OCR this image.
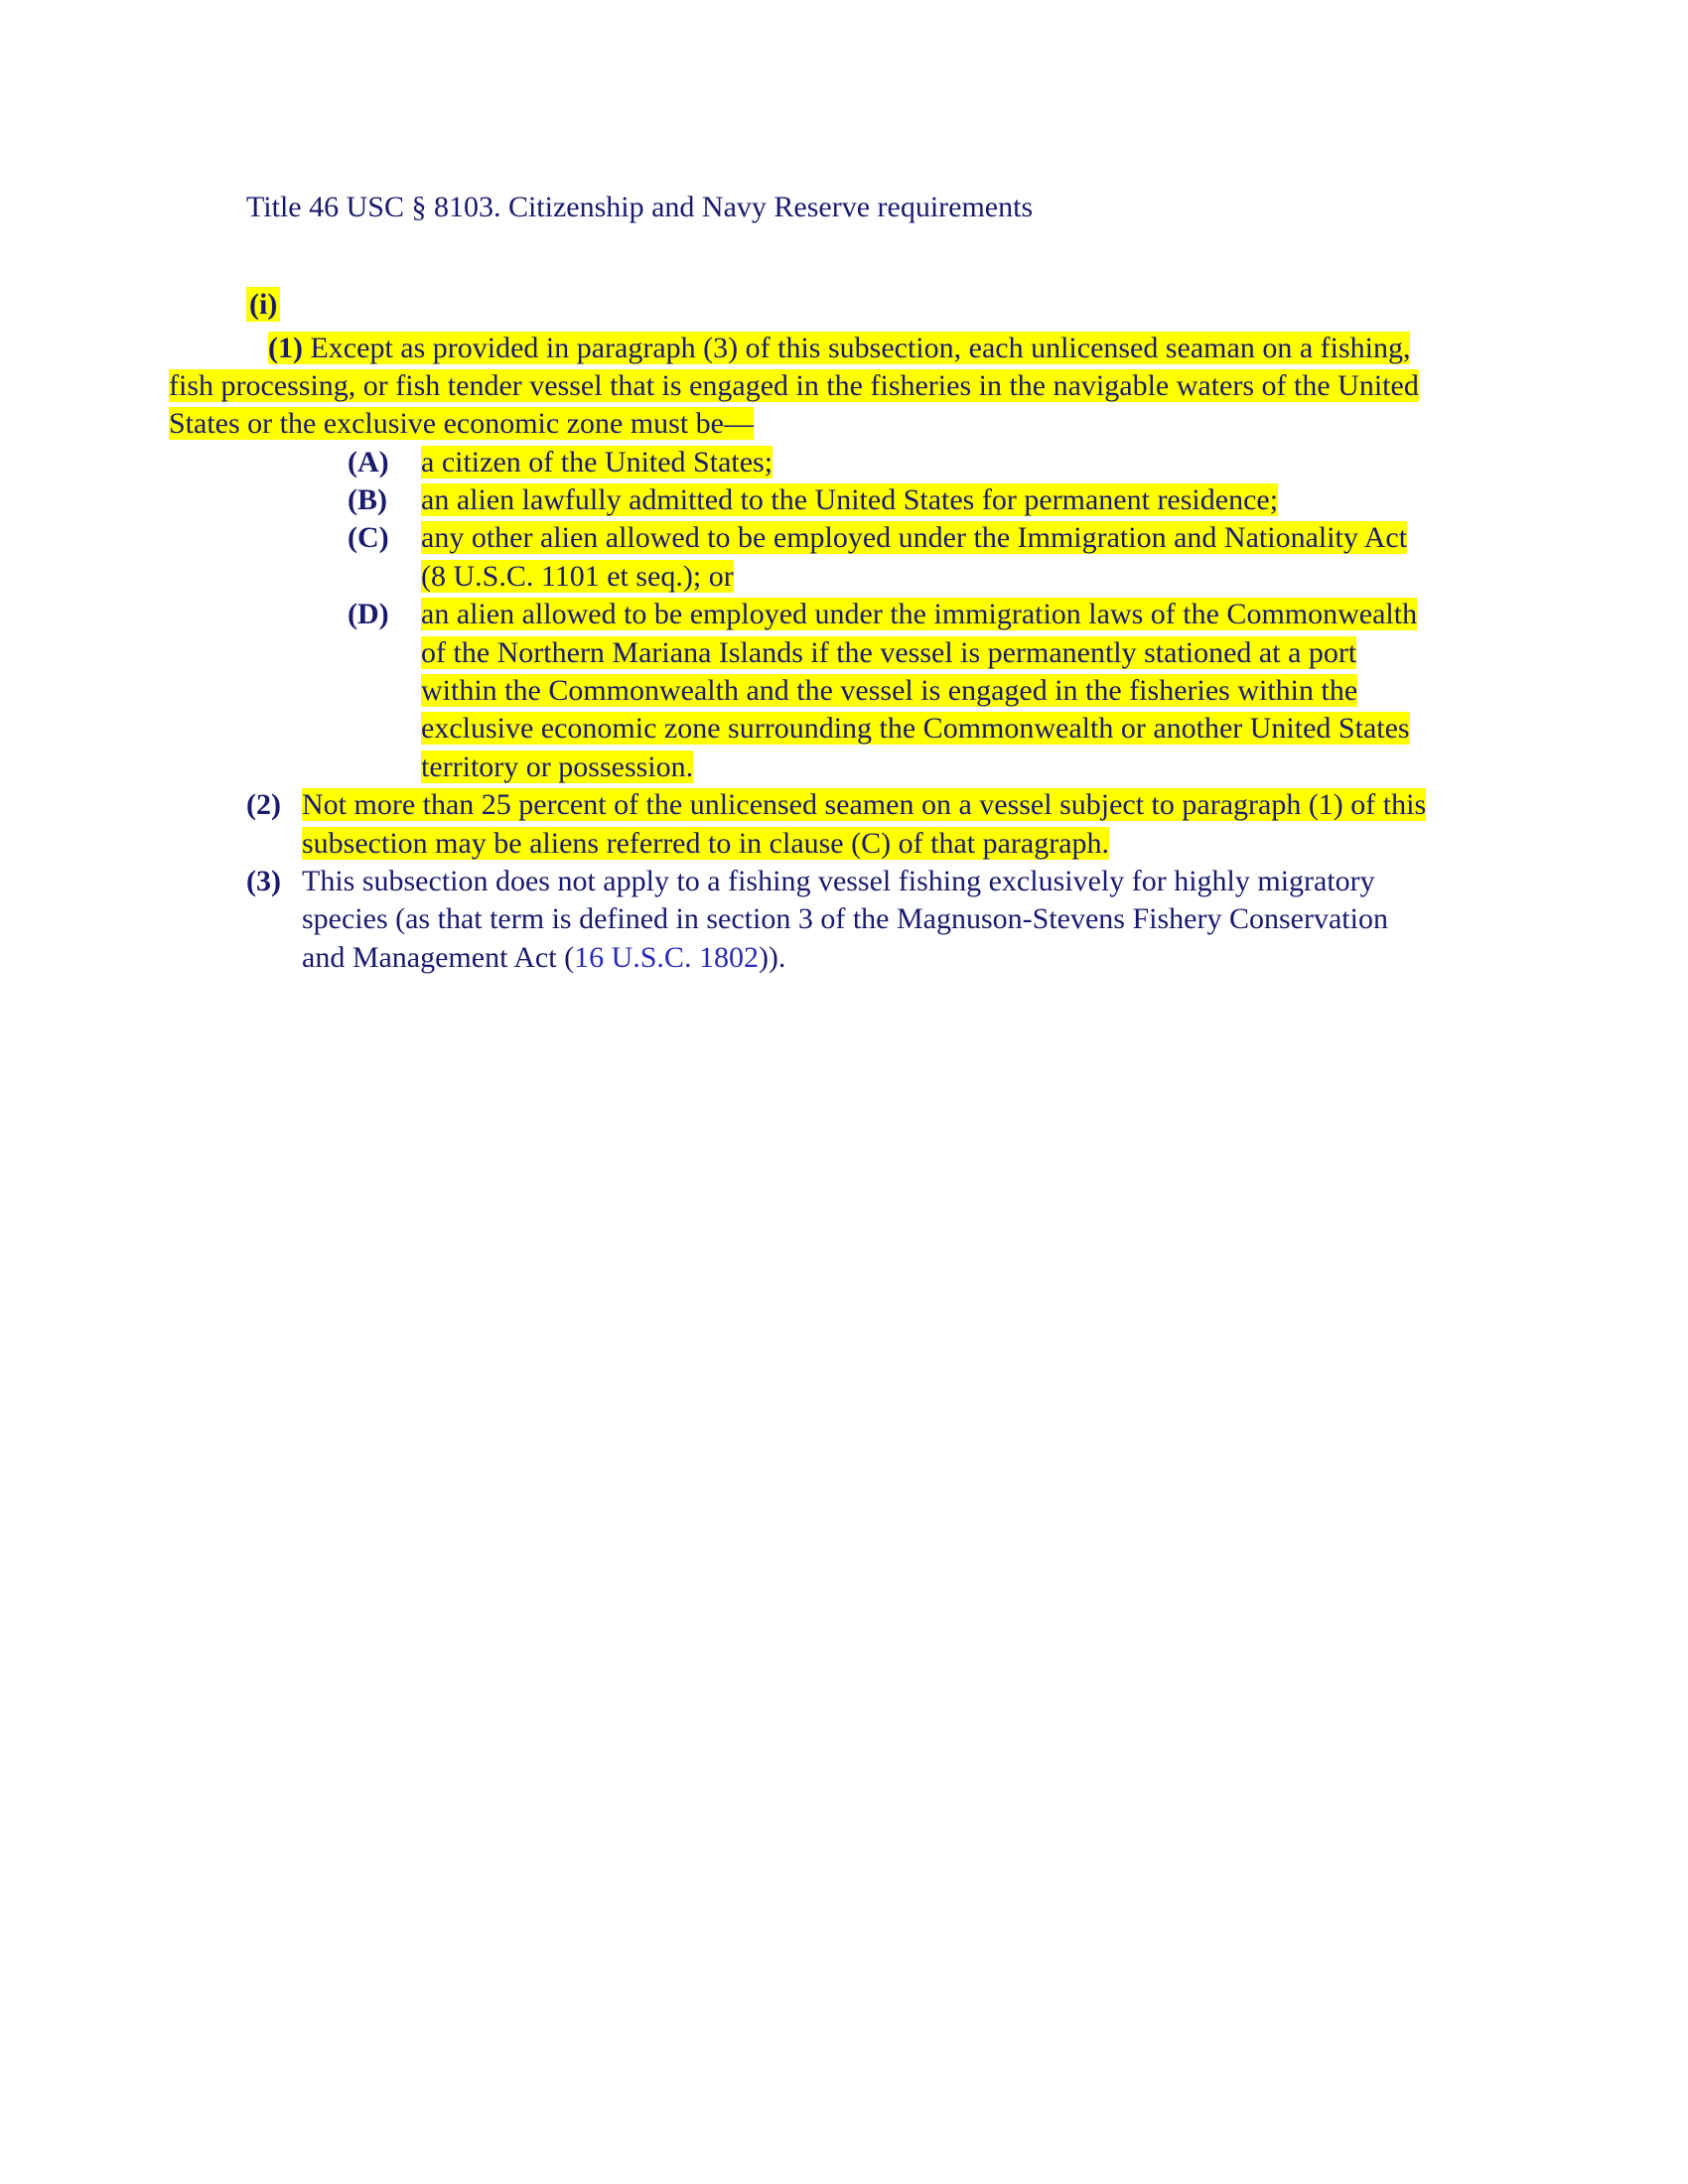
Title 46 USC § 8103. Citizenship and Navy Reserve requirements
(i)
(1) Except as provided in paragraph (3) of this subsection, each unlicensed seaman on a fishing, fish processing, or fish tender vessel that is engaged in the fisheries in the navigable waters of the United States or the exclusive economic zone must be—
(A)	a citizen of the United States;
(B)	an alien lawfully admitted to the United States for permanent residence;
(C)	any other alien allowed to be employed under the Immigration and Nationality Act (8 U.S.C. 1101 et seq.); or
(D)	an alien allowed to be employed under the immigration laws of the Commonwealth of the Northern Mariana Islands if the vessel is permanently stationed at a port within the Commonwealth and the vessel is engaged in the fisheries within the exclusive economic zone surrounding the Commonwealth or another United States territory or possession.
(2) Not more than 25 percent of the unlicensed seamen on a vessel subject to paragraph (1) of this subsection may be aliens referred to in clause (C) of that paragraph.
(3) This subsection does not apply to a fishing vessel fishing exclusively for highly migratory species (as that term is defined in section 3 of the Magnuson-Stevens Fishery Conservation and Management Act (16 U.S.C. 1802)).
